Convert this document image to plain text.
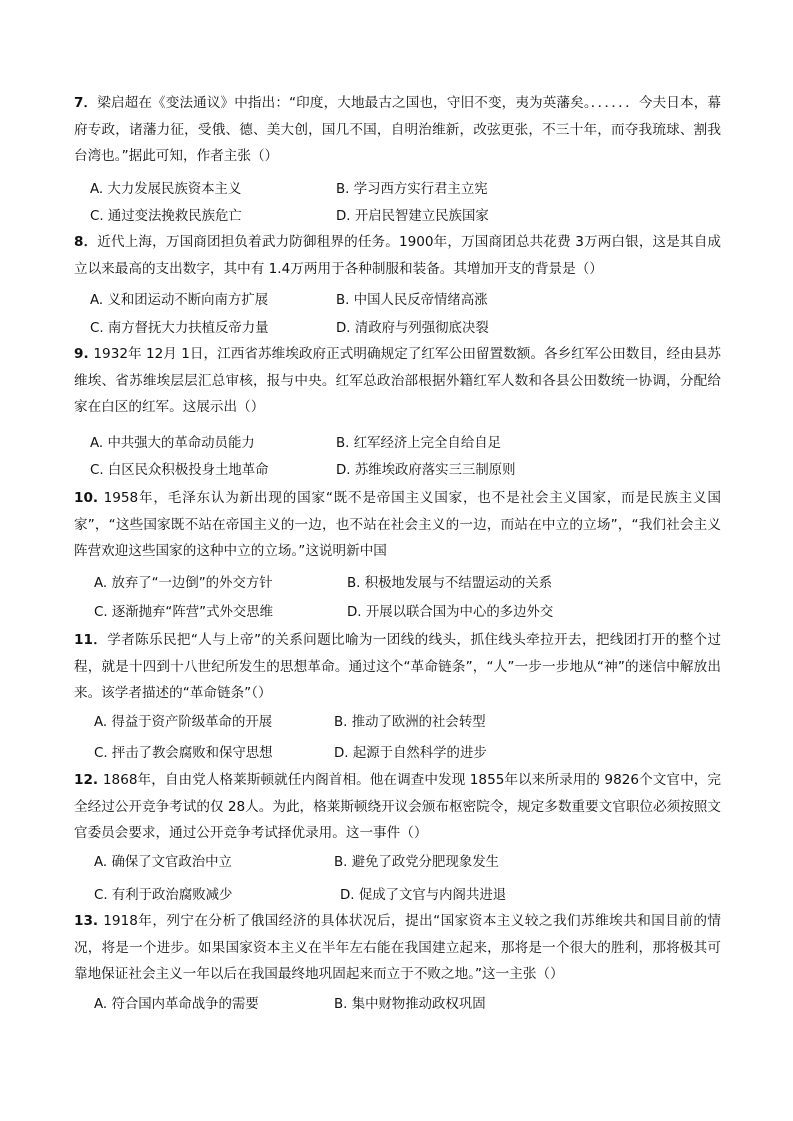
7．梁启超在《变法通议》中指出：“印度，大地最古之国也，守旧不变，夷为英藩矣。．．．．．．今夫日本，幕府专政，诸藩力征，受俄、德、美大创，国几不国，自明治维新，改弦更张，不三十年，而夺我琉球、割我台湾也。”据此可知，作者主张（）

A. 大力发展民族资本主义	B. 学习西方实行君主立宪
C. 通过变法挽救民族危亡	D. 开启民智建立民族国家

8．近代上海，万国商团担负着武力防御租界的任务。1900年，万国商团总共花费 3万两白银，这是其自成立以来最高的支出数字，其中有 1.4万两用于各种制服和装备。其增加开支的背景是（）

A. 义和团运动不断向南方扩展	B. 中国人民反帝情绪高涨
C. 南方督抚大力扶植反帝力量	D. 清政府与列强彻底决裂

9. 1932年 12月 1日，江西省苏维埃政府正式明确规定了红军公田留置数额。各乡红军公田数目，经由县苏维埃、省苏维埃层层汇总审核，报与中央。红军总政治部根据外籍红军人数和各县公田数统一协调，分配给家在白区的红军。这展示出（）

A. 中共强大的革命动员能力	B. 红军经济上完全自给自足
C. 白区民众积极投身土地革命	D. 苏维埃政府落实三三制原则

10. 1958年，毛泽东认为新出现的国家“既不是帝国主义国家，也不是社会主义国家，而是民族主义国家”，“这些国家既不站在帝国主义的一边，也不站在社会主义的一边，而站在中立的立场”，“我们社会主义阵营欢迎这些国家的这种中立的立场。”这说明新中国

A. 放弃了“一边倒”的外交方针	B. 积极地发展与不结盟运动的关系
C. 逐渐抛弃“阵营”式外交思维	D. 开展以联合国为中心的多边外交

11．学者陈乐民把“人与上帝”的关系问题比喻为一团线的线头，抓住线头牵拉开去，把线团打开的整个过程，就是十四到十八世纪所发生的思想革命。通过这个“革命链条”，“人”一步一步地从“神”的迷信中解放出来。该学者描述的“革命链条”（）

A. 得益于资产阶级革命的开展	B. 推动了欧洲的社会转型
C. 抨击了教会腐败和保守思想	D. 起源于自然科学的进步

12. 1868年，自由党人格莱斯顿就任内阁首相。他在调查中发现 1855年以来所录用的 9826个文官中，完全经过公开竞争考试的仅 28人。为此，格莱斯顿绕开议会颁布枢密院令，规定多数重要文官职位必须按照文官委员会要求，通过公开竞争考试择优录用。这一事件（）

A. 确保了文官政治中立	B. 避免了政党分肥现象发生
C. 有利于政治腐败减少	D. 促成了文官与内阁共进退

13. 1918年，列宁在分析了俄国经济的具体状况后，提出“国家资本主义较之我们苏维埃共和国目前的情况，将是一个进步。如果国家资本主义在半年左右能在我国建立起来，那将是一个很大的胜利，那将极其可靠地保证社会主义一年以后在我国最终地巩固起来而立于不败之地。”这一主张（）

A. 符合国内革命战争的需要	B. 集中财物推动政权巩固
